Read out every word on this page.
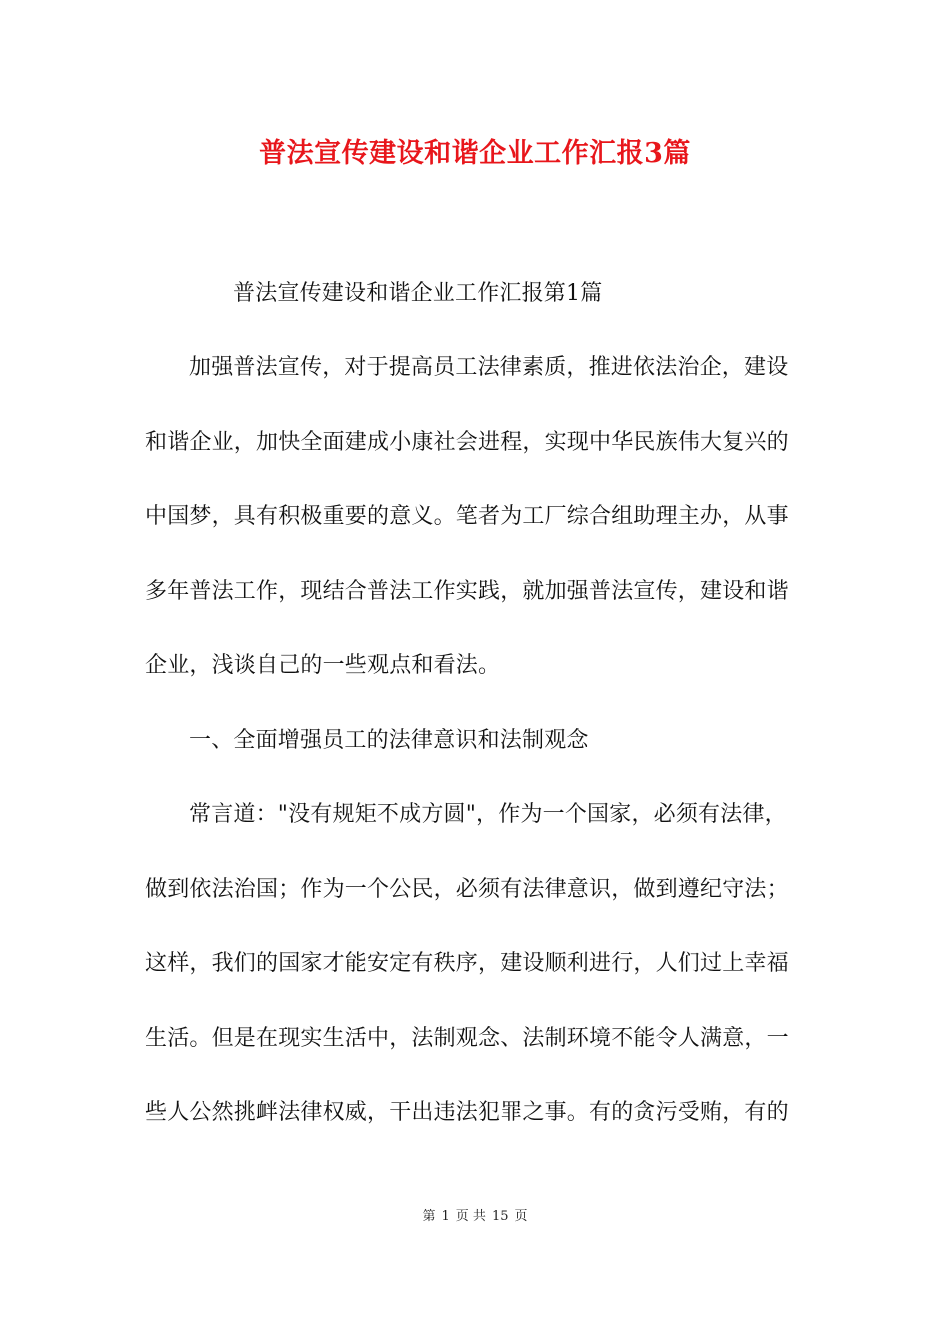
普法宣传建设和谐企业工作汇报3篇
普法宣传建设和谐企业工作汇报第1篇
加强普法宣传，对于提高员工法律素质，推进依法治企，建设
和谐企业，加快全面建成小康社会进程，实现中华民族伟大复兴的
中国梦，具有积极重要的意义。笔者为工厂综合组助理主办，从事
多年普法工作，现结合普法工作实践，就加强普法宣传，建设和谐
企业，浅谈自己的一些观点和看法。
一、全面增强员工的法律意识和法制观念
常言道："没有规矩不成方圆"，作为一个国家，必须有法律，
做到依法治国；作为一个公民，必须有法律意识，做到遵纪守法；
这样，我们的国家才能安定有秩序，建设顺利进行，人们过上幸福
生活。但是在现实生活中，法制观念、法制环境不能令人满意，一
些人公然挑衅法律权威，干出违法犯罪之事。有的贪污受贿，有的
第 1 页 共 15 页
